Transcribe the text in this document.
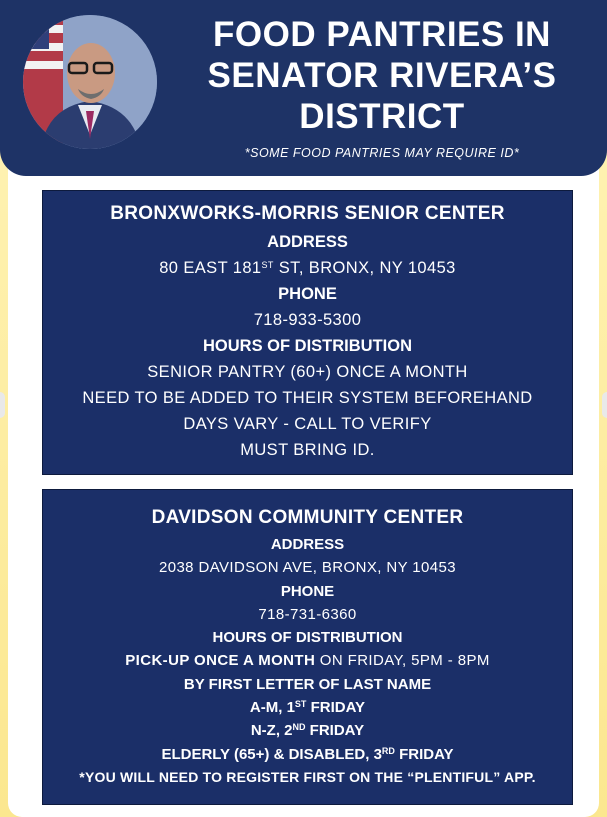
FOOD PANTRIES IN
SENATOR RIVERA’S
DISTRICT
*SOME FOOD PANTRIES MAY REQUIRE ID*
BRONXWORKS-MORRIS SENIOR CENTER
ADDRESS
80 EAST 181ST ST, BRONX, NY 10453
PHONE
718-933-5300
HOURS OF DISTRIBUTION
SENIOR PANTRY (60+) ONCE A MONTH
NEED TO BE ADDED TO THEIR SYSTEM BEFOREHAND
DAYS VARY - CALL TO VERIFY
MUST BRING ID.
DAVIDSON COMMUNITY CENTER
ADDRESS
2038 DAVIDSON AVE, BRONX, NY 10453
PHONE
718-731-6360
HOURS OF DISTRIBUTION
PICK-UP ONCE A MONTH ON FRIDAY, 5PM - 8PM
BY FIRST LETTER OF LAST NAME
A-M, 1ST FRIDAY
N-Z, 2ND FRIDAY
ELDERLY (65+) & DISABLED, 3RD FRIDAY
*YOU WILL NEED TO REGISTER FIRST ON THE “PLENTIFUL” APP.
